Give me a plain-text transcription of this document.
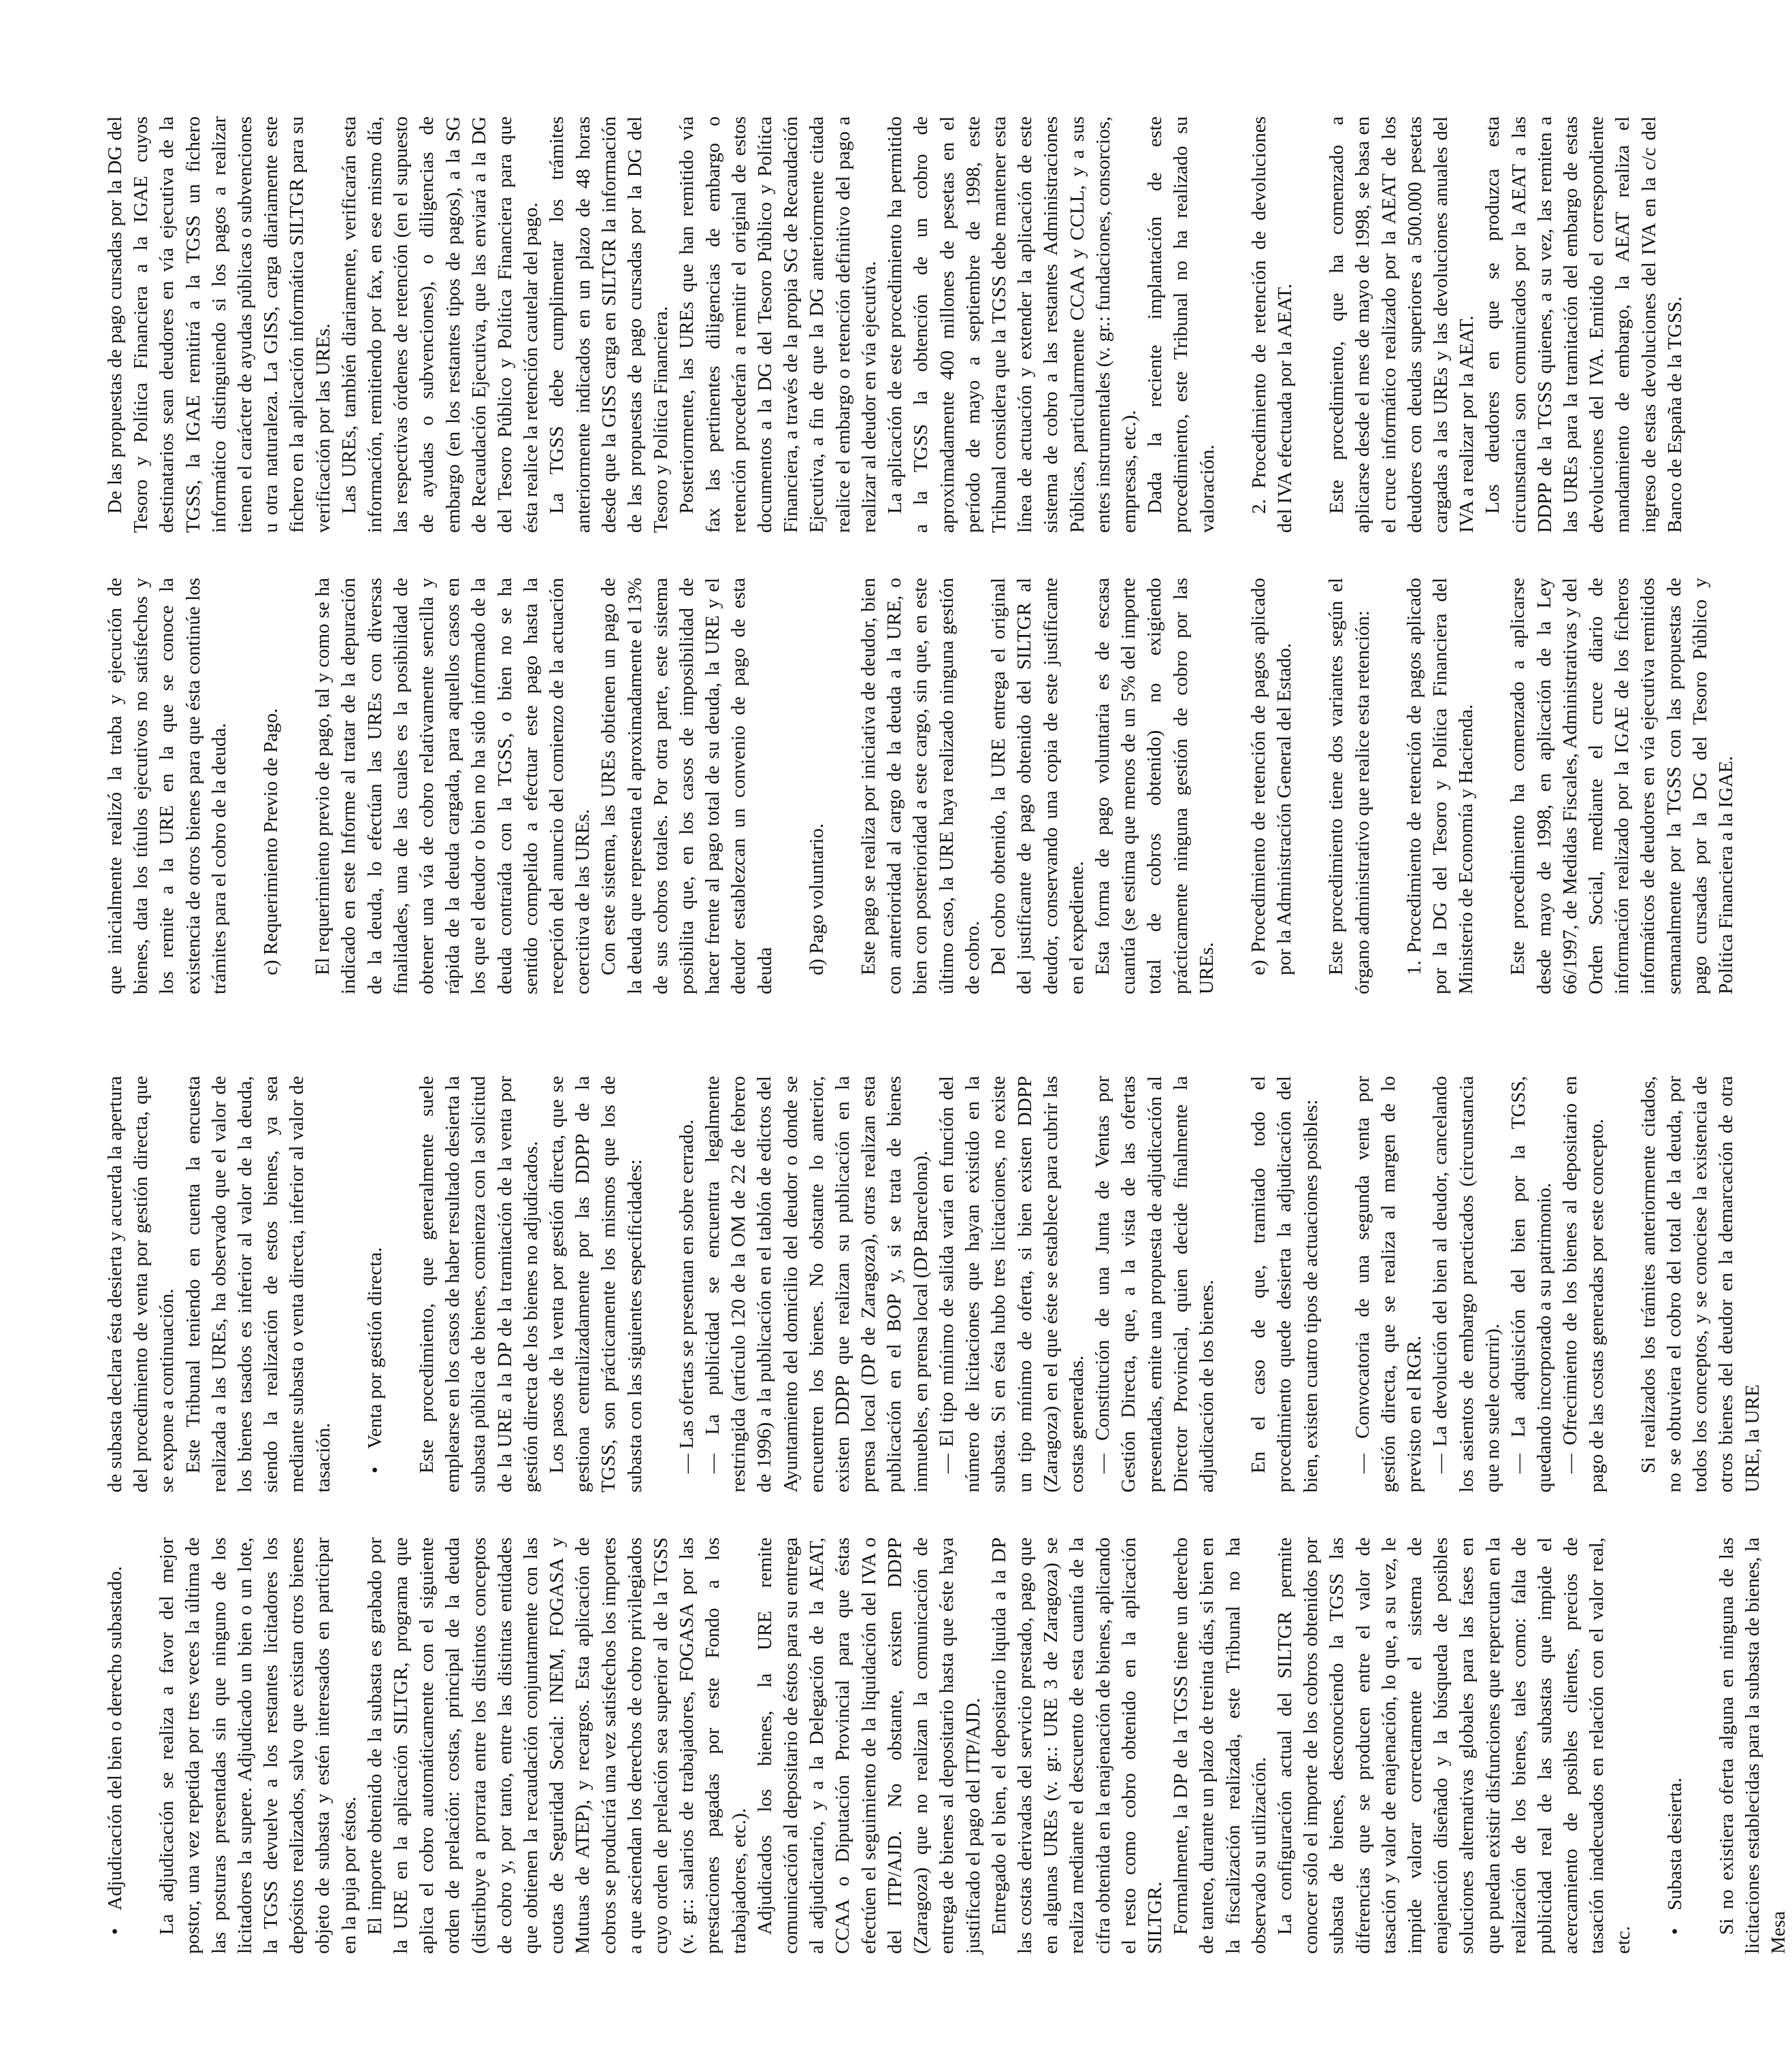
• Adjudicación del bien o derecho subastado. La adjudicación se realiza a favor del mejor postor, una vez repetida por tres veces la última de las posturas presentadas sin que ninguno de los licitadores la supere. Adjudicado un bien o un lote, la TGSS devuelve a los restantes licitadores los depósitos realizados, salvo que existan otros bienes objeto de subasta y estén interesados en participar en la puja por éstos. El importe obtenido de la subasta es grabado por la URE en la aplicación SILTGR, programa que aplica el cobro automáticamente con el siguiente orden de prelación: costas, principal de la deuda (distribuye a prorrata entre los distintos conceptos de cobro y, por tanto, entre las distintas entidades que obtienen la recaudación conjuntamente con las cuotas de Seguridad Social: INEM, FOGASA y Mutuas de ATEP), y recargos. Esta aplicación de cobros se producirá una vez satisfechos los importes a que asciendan los derechos de cobro privilegiados cuyo orden de prelación sea superior al de la TGSS (v. gr.: salarios de trabajadores, FOGASA por las prestaciones pagadas por este Fondo a los trabajadores, etc.). Adjudicados los bienes, la URE remite comunicación al depositario de éstos para su entrega al adjudicatario, y a la Delegación de la AEAT, CCAA o Diputación Provincial para que éstas efectúen el seguimiento de la liquidación del IVA o del ITP/AJD. No obstante, existen DDPP (Zaragoza) que no realizan la comunicación de entrega de bienes al depositario hasta que éste haya justificado el pago del ITP/AJD. Entregado el bien, el depositario liquida a la DP las costas derivadas del servicio prestado, pago que en algunas UREs (v. gr.: URE 3 de Zaragoza) se realiza mediante el descuento de esta cuantía de la cifra obtenida en la enajenación de bienes, aplicando el resto como cobro obtenido en la aplicación SILTGR. Formalmente, la DP de la TGSS tiene un derecho de tanteo, durante un plazo de treinta días, si bien en la fiscalización realizada, este Tribunal no ha observado su utilización. La configuración actual del SILTGR permite conocer sólo el importe de los cobros obtenidos por subasta de bienes, desconociendo la TGSS las diferencias que se producen entre el valor de tasación y valor de enajenación, lo que, a su vez, le impide valorar correctamente el sistema de enajenación diseñado y la búsqueda de posibles soluciones alternativas globales para las fases en que puedan existir disfunciones que repercutan en la realización de los bienes, tales como: falta de publicidad real de las subastas que impide el acercamiento de posibles clientes, precios de tasación inadecuados en relación con el valor real, etc.

• Subasta desierta. Si no existiera oferta alguna en ninguna de las licitaciones establecidas para la subasta de bienes, la Mesa

de subasta declara ésta desierta y acuerda la apertura del procedimiento de venta por gestión directa, que se expone a continuación. Este Tribunal teniendo en cuenta la encuesta realizada a las UREs, ha observado que el valor de los bienes tasados es inferior al valor de la deuda, siendo la realización de estos bienes, ya sea mediante subasta o venta directa, inferior al valor de tasación.

• Venta por gestión directa. Este procedimiento, que generalmente suele emplearse en los casos de haber resultado desierta la subasta pública de bienes, comienza con la solicitud de la URE a la DP de la tramitación de la venta por gestión directa de los bienes no adjudicados. Los pasos de la venta por gestión directa, que se gestiona centralizadamente por las DDPP de la TGSS, son prácticamente los mismos que los de subasta con las siguientes especificidades: — Las ofertas se presentan en sobre cerrado. — La publicidad se encuentra legalmente restringida (artículo 120 de la OM de 22 de febrero de 1996) a la publicación en el tablón de edictos del Ayuntamiento del domicilio del deudor o donde se encuentren los bienes. No obstante lo anterior, existen DDPP que realizan su publicación en la prensa local (DP de Zaragoza), otras realizan esta publicación en el BOP y, si se trata de bienes inmuebles, en prensa local (DP Barcelona). — El tipo mínimo de salida varía en función del número de licitaciones que hayan existido en la subasta. Si en ésta hubo tres licitaciones, no existe un tipo mínimo de oferta, si bien existen DDPP (Zaragoza) en el que éste se establece para cubrir las costas generadas. — Constitución de una Junta de Ventas por Gestión Directa, que, a la vista de las ofertas presentadas, emite una propuesta de adjudicación al Director Provincial, quien decide finalmente la adjudicación de los bienes. En el caso de que, tramitado todo el procedimiento quede desierta la adjudicación del bien, existen cuatro tipos de actuaciones posibles: — Convocatoria de una segunda venta por gestión directa, que se realiza al margen de lo previsto en el RGR. — La devolución del bien al deudor, cancelando los asientos de embargo practicados (circunstancia que no suele ocurrir). — La adquisición del bien por la TGSS, quedando incorporado a su patrimonio. — Ofrecimiento de los bienes al depositario en pago de las costas generadas por este concepto. Si realizados los trámites anteriormente citados, no se obtuviera el cobro del total de la deuda, por todos los conceptos, y se conociese la existencia de otros bienes del deudor en la demarcación de otra URE, la URE

que inicialmente realizó la traba y ejecución de bienes, data los títulos ejecutivos no satisfechos y los remite a la URE en la que se conoce la existencia de otros bienes para que ésta continúe los trámites para el cobro de la deuda. c) Requerimiento Previo de Pago. El requerimiento previo de pago, tal y como se ha indicado en este Informe al tratar de la depuración de la deuda, lo efectúan las UREs con diversas finalidades, una de las cuales es la posibilidad de obtener una vía de cobro relativamente sencilla y rápida de la deuda cargada, para aquellos casos en los que el deudor o bien no ha sido informado de la deuda contraída con la TGSS, o bien no se ha sentido compelido a efectuar este pago hasta la recepción del anuncio del comienzo de la actuación coercitiva de las UREs. Con este sistema, las UREs obtienen un pago de la deuda que representa el aproximadamente el 13% de sus cobros totales. Por otra parte, este sistema posibilita que, en los casos de imposibilidad de hacer frente al pago total de su deuda, la URE y el deudor establezcan un convenio de pago de esta deuda d) Pago voluntario. Este pago se realiza por iniciativa de deudor, bien con anterioridad al cargo de la deuda a la URE, o bien con posterioridad a este cargo, sin que, en este último caso, la URE haya realizado ninguna gestión de cobro. Del cobro obtenido, la URE entrega el original del justificante de pago obtenido del SILTGR al deudor, conservando una copia de este justificante en el expediente. Esta forma de pago voluntaria es de escasa cuantía (se estima que menos de un 5% del importe total de cobros obtenido) no exigiendo prácticamente ninguna gestión de cobro por las UREs. e) Procedimiento de retención de pagos aplicado por la Administración General del Estado. Este procedimiento tiene dos variantes según el órgano administrativo que realice esta retención: 1. Procedimiento de retención de pagos aplicado por la DG del Tesoro y Política Financiera del Ministerio de Economía y Hacienda. Este procedimiento ha comenzado a aplicarse desde mayo de 1998, en aplicación de la Ley 66/1997, de Medidas Fiscales, Administrativas y del Orden Social, mediante el cruce diario de información realizado por la IGAE de los ficheros informáticos de deudores en vía ejecutiva remitidos semanalmente por la TGSS con las propuestas de pago cursadas por la DG del Tesoro Público y Política Financiera a la IGAE.

De las propuestas de pago cursadas por la DG del Tesoro y Política Financiera a la IGAE cuyos destinatarios sean deudores en vía ejecutiva de la TGSS, la IGAE remitirá a la TGSS un fichero informático distinguiendo si los pagos a realizar tienen el carácter de ayudas públicas o subvenciones u otra naturaleza. La GISS, carga diariamente este fichero en la aplicación informática SILTGR para su verificación por las UREs. Las UREs, también diariamente, verificarán esta información, remitiendo por fax, en ese mismo día, las respectivas órdenes de retención (en el supuesto de ayudas o subvenciones), o diligencias de embargo (en los restantes tipos de pagos), a la SG de Recaudación Ejecutiva, que las enviará a la DG del Tesoro Público y Política Financiera para que ésta realice la retención cautelar del pago. La TGSS debe cumplimentar los trámites anteriormente indicados en un plazo de 48 horas desde que la GISS carga en SILTGR la información de las propuestas de pago cursadas por la DG del Tesoro y Política Financiera. Posteriormente, las UREs que han remitido vía fax las pertinentes diligencias de embargo o retención procederán a remitir el original de estos documentos a la DG del Tesoro Público y Política Financiera, a través de la propia SG de Recaudación Ejecutiva, a fin de que la DG anteriormente citada realice el embargo o retención definitivo del pago a realizar al deudor en vía ejecutiva. La aplicación de este procedimiento ha permitido a la TGSS la obtención de un cobro de aproximadamente 400 millones de pesetas en el período de mayo a septiembre de 1998, este Tribunal considera que la TGSS debe mantener esta línea de actuación y extender la aplicación de este sistema de cobro a las restantes Administraciones Públicas, particularmente CCAA y CCLL, y a sus entes instrumentales (v. gr.: fundaciones, consorcios, empresas, etc.). Dada la reciente implantación de este procedimiento, este Tribunal no ha realizado su valoración. 2. Procedimiento de retención de devoluciones del IVA efectuada por la AEAT. Este procedimiento, que ha comenzado a aplicarse desde el mes de mayo de 1998, se basa en el cruce informático realizado por la AEAT de los deudores con deudas superiores a 500.000 pesetas cargadas a las UREs y las devoluciones anuales del IVA a realizar por la AEAT. Los deudores en que se produzca esta circunstancia son comunicados por la AEAT a las DDPP de la TGSS quienes, a su vez, las remiten a las UREs para la tramitación del embargo de estas devoluciones del IVA. Emitido el correspondiente mandamiento de embargo, la AEAT realiza el ingreso de estas devoluciones del IVA en la c/c del Banco de España de la TGSS.
